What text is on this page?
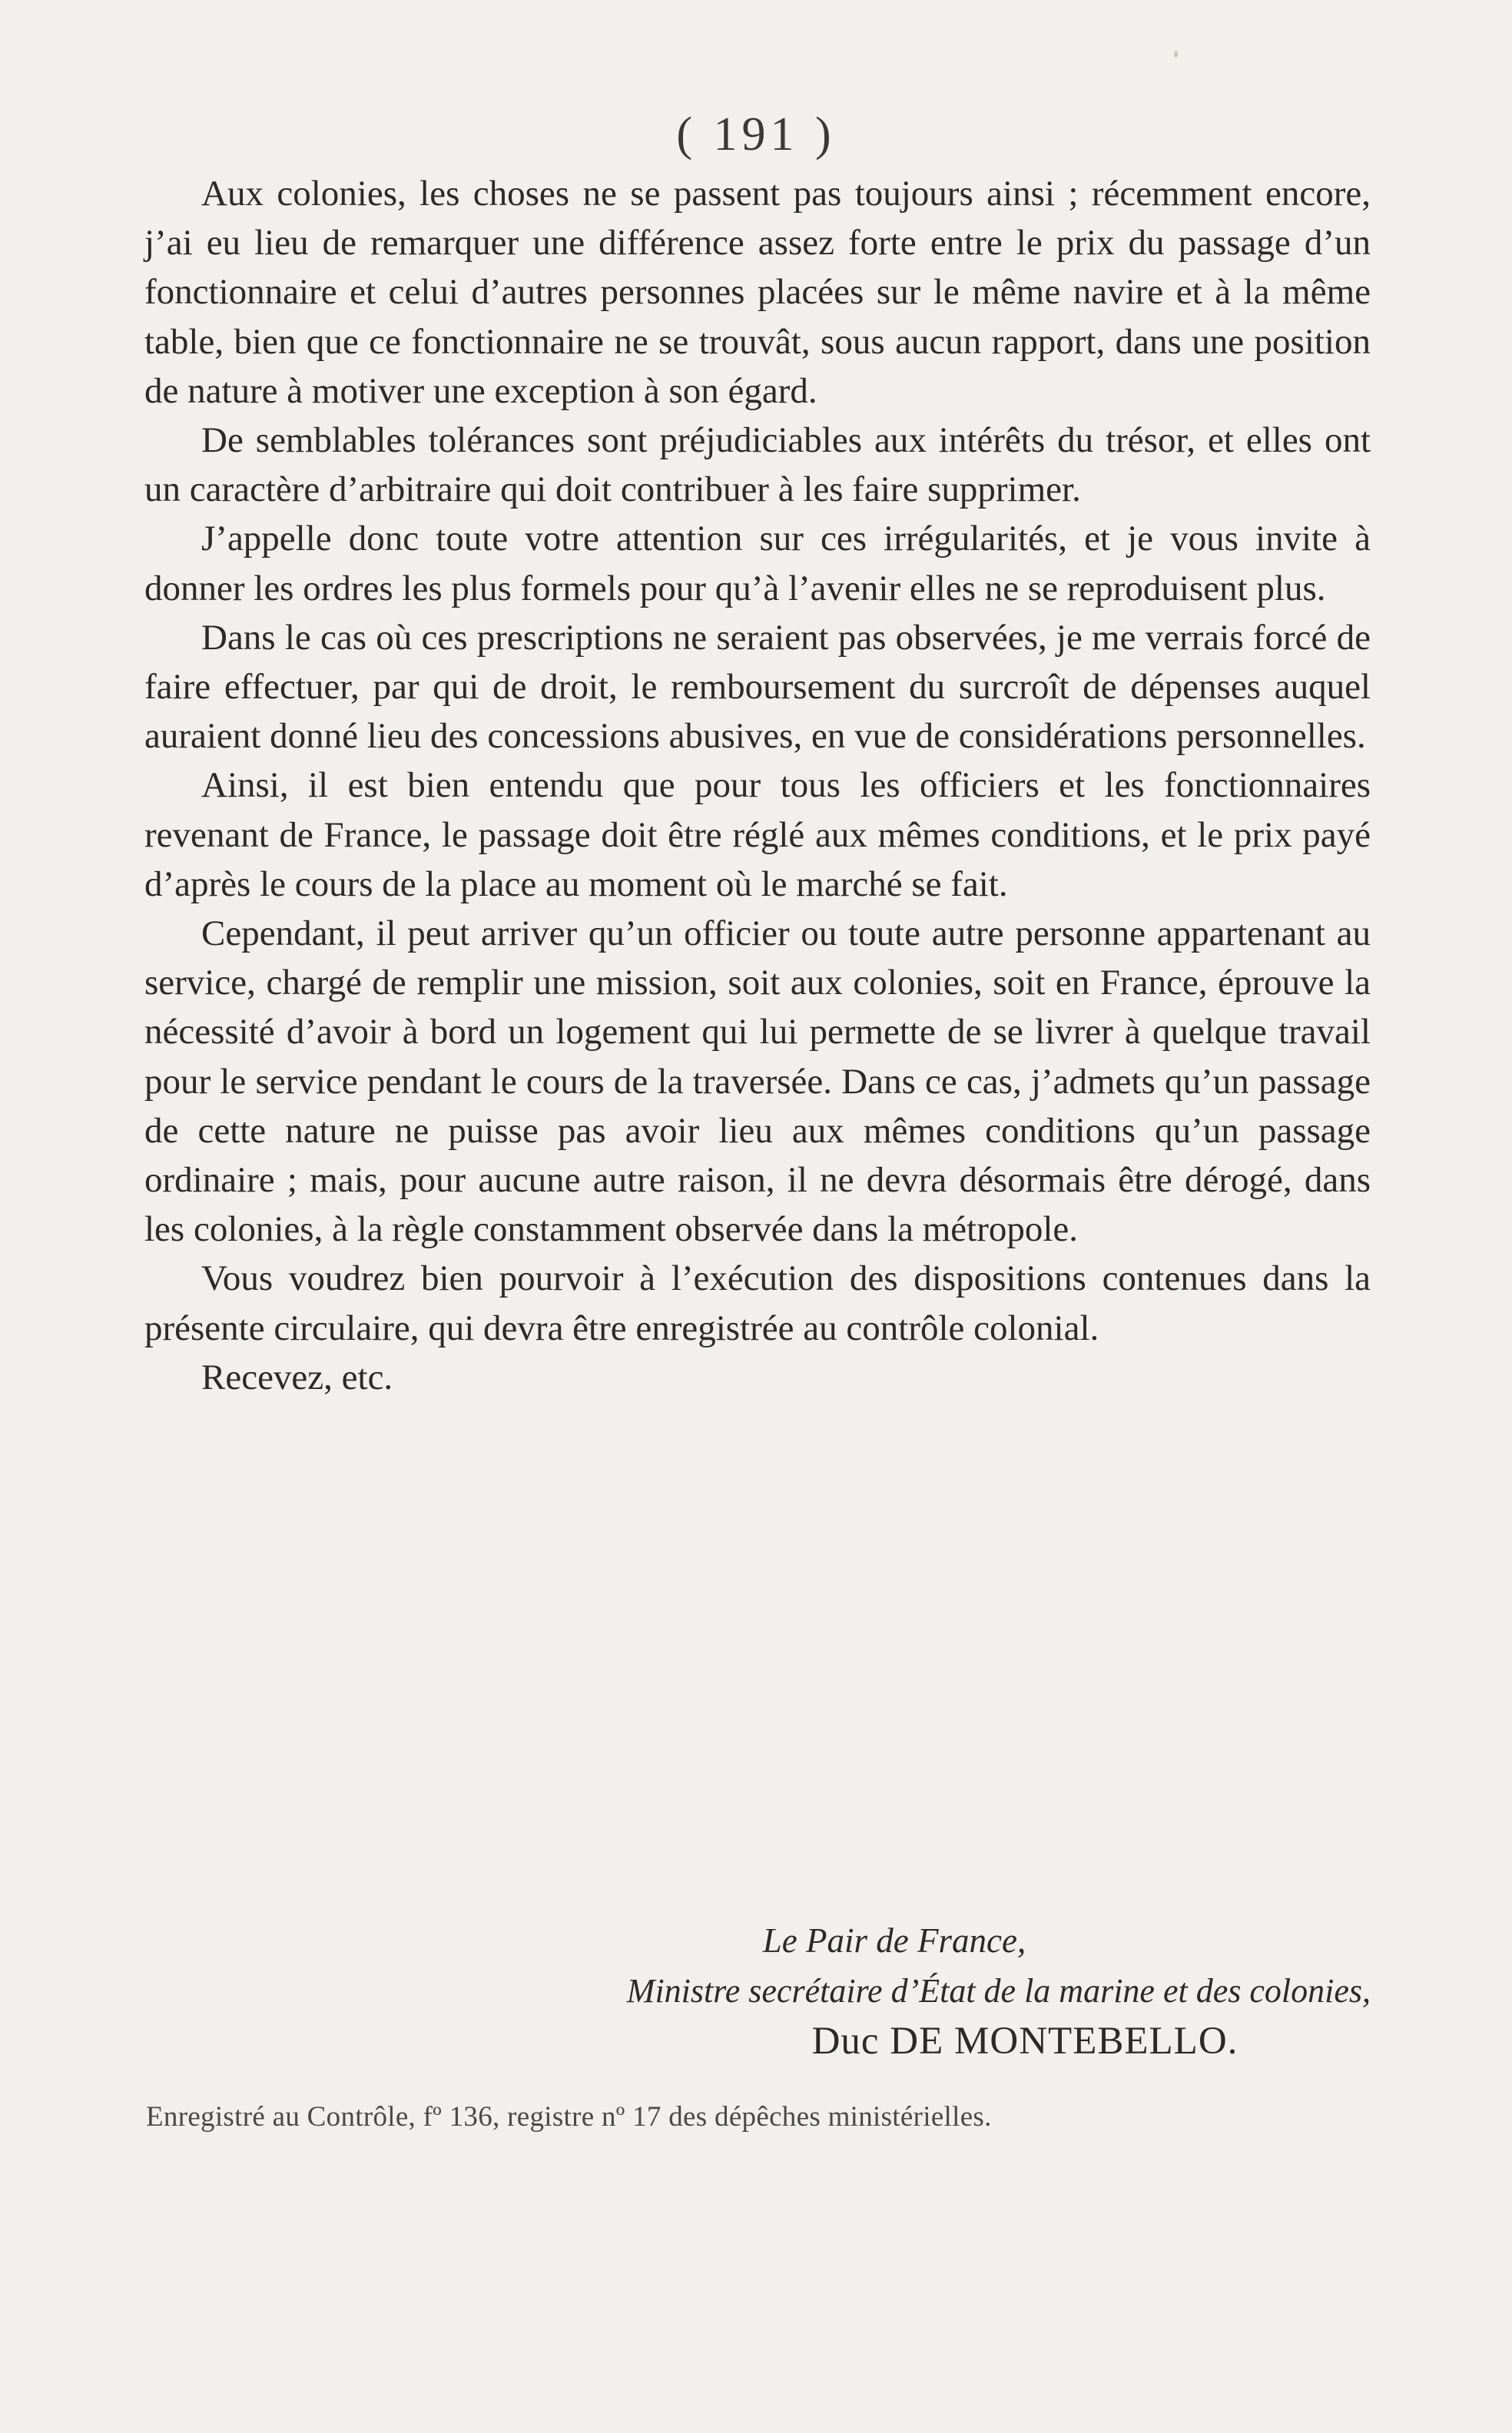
( 191 )

Aux colonies, les choses ne se passent pas toujours ainsi ; récemment encore, j’ai eu lieu de remarquer une différence assez forte entre le prix du passage d’un fonctionnaire et celui d’autres personnes placées sur le même navire et à la même table, bien que ce fonctionnaire ne se trouvât, sous aucun rapport, dans une position de nature à motiver une exception à son égard.

De semblables tolérances sont préjudiciables aux intérêts du trésor, et elles ont un caractère d’arbitraire qui doit contribuer à les faire supprimer.

J’appelle donc toute votre attention sur ces irrégularités, et je vous invite à donner les ordres les plus formels pour qu’à l’avenir elles ne se reproduisent plus.

Dans le cas où ces prescriptions ne seraient pas observées, je me verrais forcé de faire effectuer, par qui de droit, le remboursement du surcroît de dépenses auquel auraient donné lieu des concessions abusives, en vue de considérations personnelles.

Ainsi, il est bien entendu que pour tous les officiers et les fonctionnaires revenant de France, le passage doit être réglé aux mêmes conditions, et le prix payé d’après le cours de la place au moment où le marché se fait.

Cependant, il peut arriver qu’un officier ou toute autre personne appartenant au service, chargé de remplir une mission, soit aux colonies, soit en France, éprouve la nécessité d’avoir à bord un logement qui lui permette de se livrer à quelque travail pour le service pendant le cours de la traversée. Dans ce cas, j’admets qu’un passage de cette nature ne puisse pas avoir lieu aux mêmes conditions qu’un passage ordinaire ; mais, pour aucune autre raison, il ne devra désormais être dérogé, dans les colonies, à la règle constamment observée dans la métropole.

Vous voudrez bien pourvoir à l’exécution des dispositions contenues dans la présente circulaire, qui devra être enregistrée au contrôle colonial.

Recevez, etc.

Le Pair de France,
Ministre secrétaire d’État de la marine et des colonies,
Duc DE MONTEBELLO.
Enregistré au Contrôle, fº 136, registre nº 17 des dépêches ministérielles.
